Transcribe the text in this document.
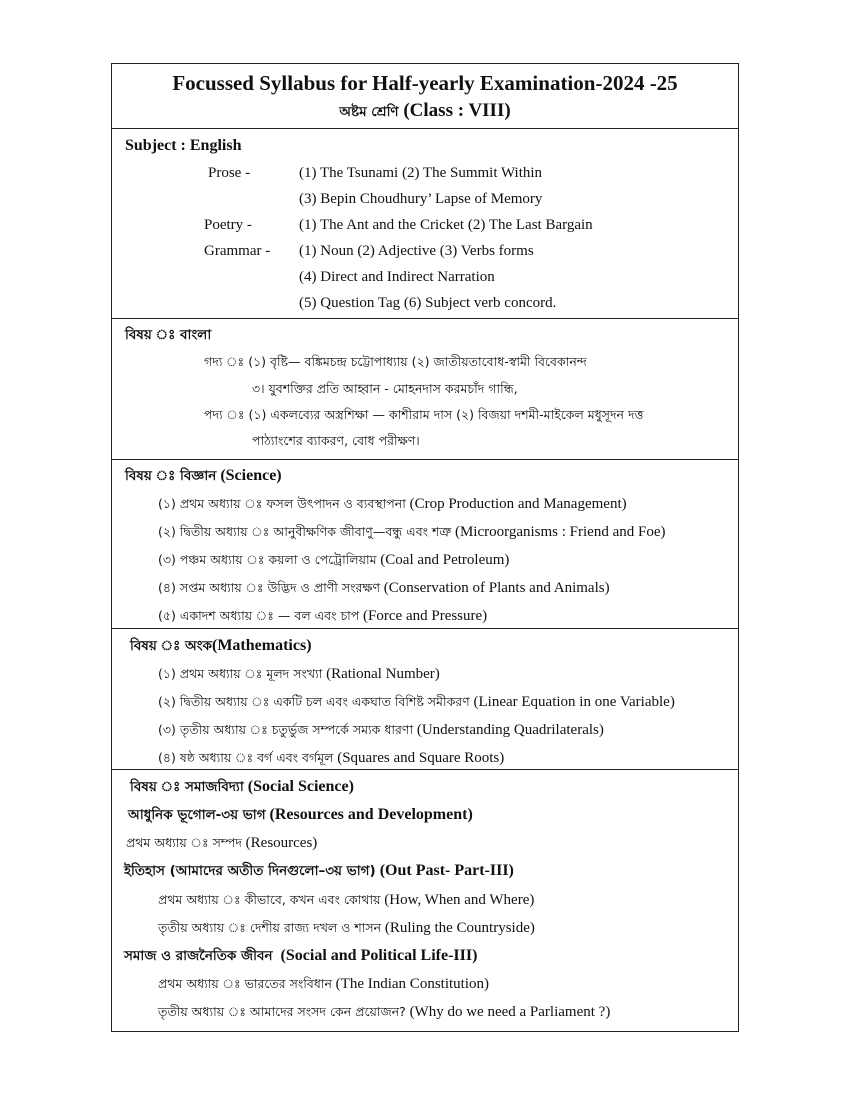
Focussed Syllabus for Half-yearly Examination-2024 -25
অষ্টম শ্রেণি (Class : VIII)
Subject : English
Prose -	(1) The Tsunami (2) The Summit Within
(3) Bepin Choudhury’ Lapse of Memory
Poetry -	(1) The Ant and the Cricket (2) The Last Bargain
Grammar - (1) Noun (2) Adjective (3) Verbs forms
(4) Direct and Indirect Narration
(5) Question Tag (6) Subject verb concord.
বিষয় ঃ বাংলা
গদ্য ঃ (১) বৃষ্টি— বঙ্কিমচন্দ্র চট্টোপাধ্যায় (২) জাতীয়তাবোধ-স্বামী বিবেকানন্দ
৩। যুবশক্তির প্রতি আহ্বান - মোহনদাস করমচাঁদ গান্ধি,
পদ্য ঃ (১) একলব্যের অস্ত্রশিক্ষা — কাশীরাম দাস (২) বিজয়া দশমী-মাইকেল মধুসূদন দত্ত
পাঠ্যাংশের ব্যাকরণ, বোধ পরীক্ষণ।
বিষয় ঃ বিজ্ঞান (Science)
(১) প্রথম অধ্যায় ঃ ফসল উৎপাদন ও ব্যবস্থাপনা (Crop Production and Management)
(২) দ্বিতীয় অধ্যায় ঃ আনুবীক্ষণিক জীবাণু—বন্ধু এবং শত্রু (Microorganisms : Friend and Foe)
(৩) পঞ্চম অধ্যায় ঃ কয়লা ও পেট্রোলিয়াম (Coal and Petroleum)
(৪) সপ্তম অধ্যায় ঃ উদ্ভিদ ও প্রাণী সংরক্ষণ (Conservation of Plants and Animals)
(৫) একাদশ অধ্যায় ঃ — বল এবং চাপ (Force and Pressure)
বিষয় ঃ অংক(Mathematics)
(১) প্রথম অধ্যায় ঃ মূলদ সংখ্যা (Rational Number)
(২) দ্বিতীয় অধ্যায় ঃ একটি চল এবং একঘাত বিশিষ্ট সমীকরণ (Linear Equation in one Variable)
(৩) তৃতীয় অধ্যায় ঃ চতুর্ভুজ সম্পর্কে সম্যক ধারণা (Understanding Quadrilaterals)
(৪) ষষ্ঠ অধ্যায় ঃ বর্গ এবং বর্গমূল (Squares and Square Roots)
বিষয় ঃ সমাজবিদ্যা (Social Science)
আধুনিক ভূগোল-৩য় ভাগ (Resources and Development)
প্রথম অধ্যায় ঃ সম্পদ (Resources)
ইতিহাস (আমাদের অতীত দিনগুলো–৩য় ভাগ) (Out Past- Part-III)
প্রথম অধ্যায় ঃ কীভাবে, কখন এবং কোথায় (How, When and Where)
তৃতীয় অধ্যায় ঃ দেশীয় রাজ্য দখল ও শাসন (Ruling the Countryside)
সমাজ ও রাজনৈতিক জীবন (Social and Political Life-III)
প্রথম অধ্যায় ঃ ভারতের সংবিধান (The Indian Constitution)
তৃতীয় অধ্যায় ঃ আমাদের সংসদ কেন প্রয়োজন? (Why do we need a Parliament ?)
